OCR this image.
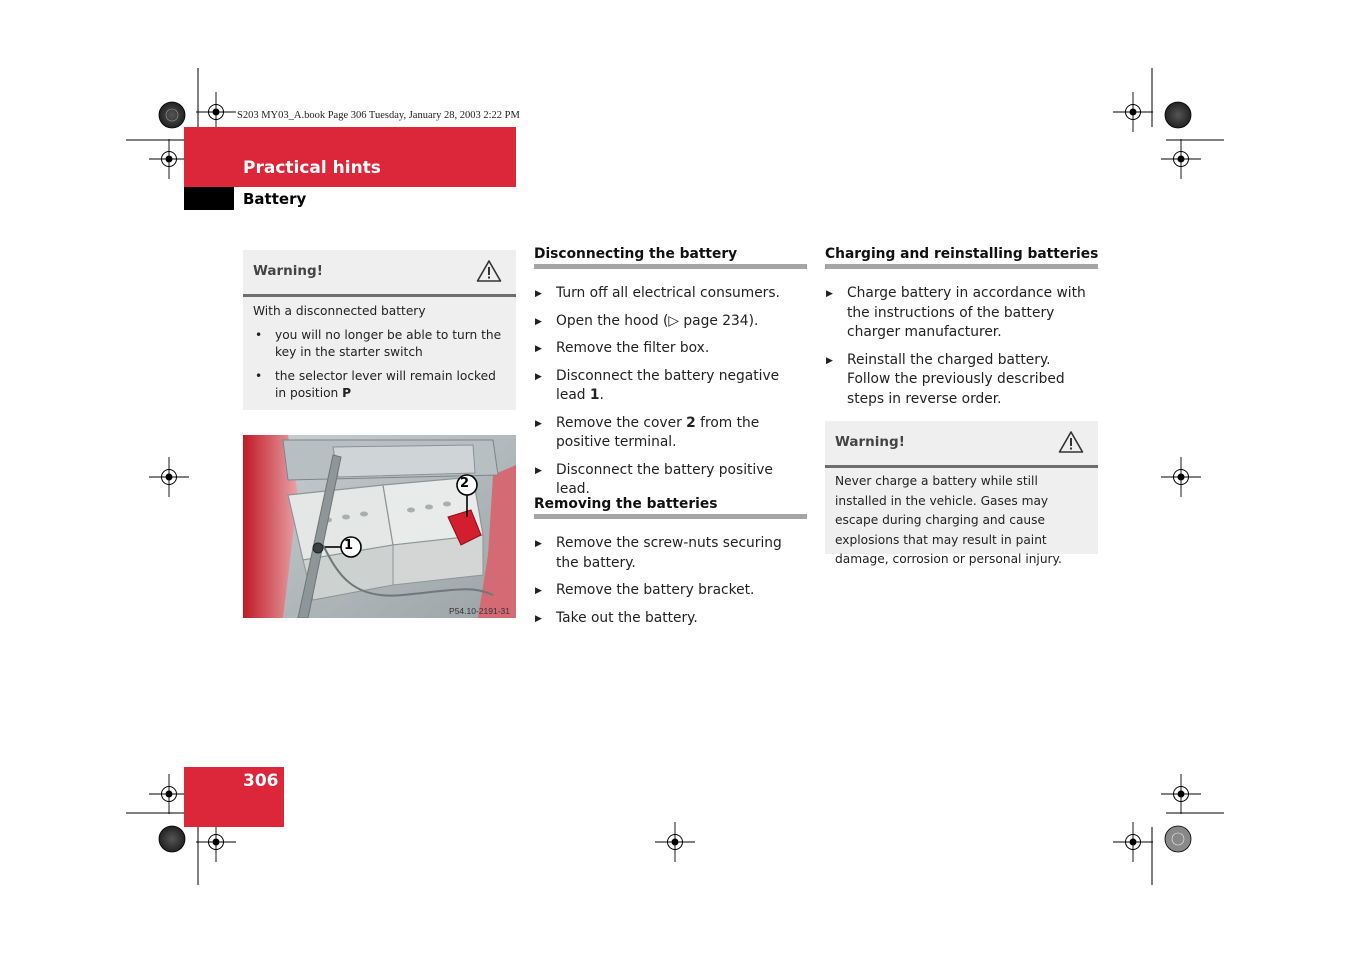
S203 MY03_A.book Page 306 Tuesday, January 28, 2003 2:22 PM
Practical hints
Battery
Warning!
With a disconnected battery
• you will no longer be able to turn the key in the starter switch
• the selector lever will remain locked in position P
1
2
P54.10-2191-31
Disconnecting the battery
▶ Turn off all electrical consumers.
▶ Open the hood (▷ page 234).
▶ Remove the filter box.
▶ Disconnect the battery negative lead 1.
▶ Remove the cover 2 from the positive terminal.
▶ Disconnect the battery positive lead.
Removing the batteries
▶ Remove the screw-nuts securing the battery.
▶ Remove the battery bracket.
▶ Take out the battery.
Charging and reinstalling batteries
▶ Charge battery in accordance with the instructions of the battery charger manufacturer.
▶ Reinstall the charged battery. Follow the previously described steps in reverse order.
Warning!
Never charge a battery while still installed in the vehicle. Gases may escape during charging and cause explosions that may result in paint damage, corrosion or personal injury.
306
